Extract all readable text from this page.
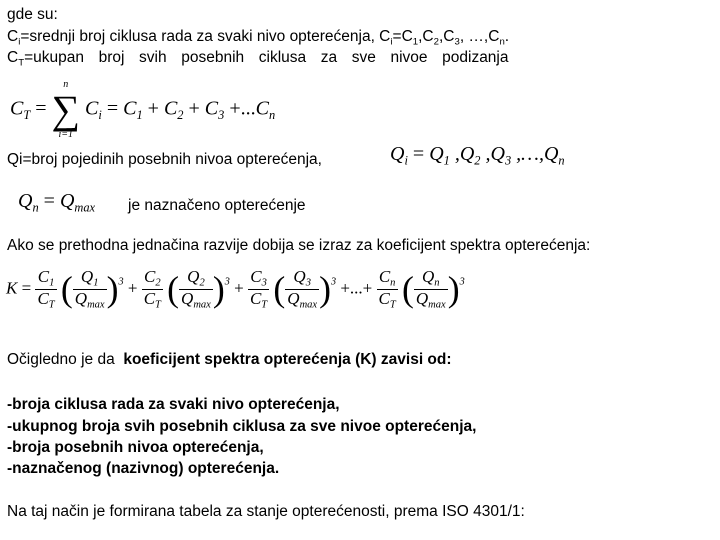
gde su:
$C_i=srednji$ broj ciklusa rada za svaki nivo opterećenja, $C_i=C_1,C_2,C_3$, $\dots,C_n$.
$C_T=ukupan$  broj  svih  posebnih  ciklusa  za  sve  nivoe  podizanja
$C_T$ =
n
∑
i=1
$C_i = C_1 + C_2 + C_3 +...C_n$
Qi=broj pojedinih posebnih nivoa opterećenja,	$Q_i = Q_1$ $,Q_2$ $,Q_3$ $,\dots,Q_n$
$Q_n = Q_{max}$ je naznačeno opterećenje
Ako se prethodna jednačina razvije dobija se izraz za koeficijent spektra opterećenja:
$K = \frac{C_1}{C_T}$ ( $\frac{Q_1}{Q_{max}} )^3 + \frac{C_2}{C_T}$ ( $\frac{Q_2}{Q_{max}} )^3 + \frac{C_3}{C_T}$ ( $\frac{Q_3}{Q_{max}} )^3$ +...+ $\frac{C_n}{C_T}$ ( $\frac{Q_n}{Q_{max}} )^3$
Očigledno je da koeficijent spektra opterećenja (K) zavisi od:
-broja ciklusa rada za svaki nivo opterećenja,
-ukupnog broja svih posebnih ciklusa za sve nivoe opterećenja,
-broja posebnih nivoa opterećenja,
-naznačenog (nazivnog) opterećenja.
Na taj način je formirana tabela za stanje opterećenosti, prema ISO 4301/1:
